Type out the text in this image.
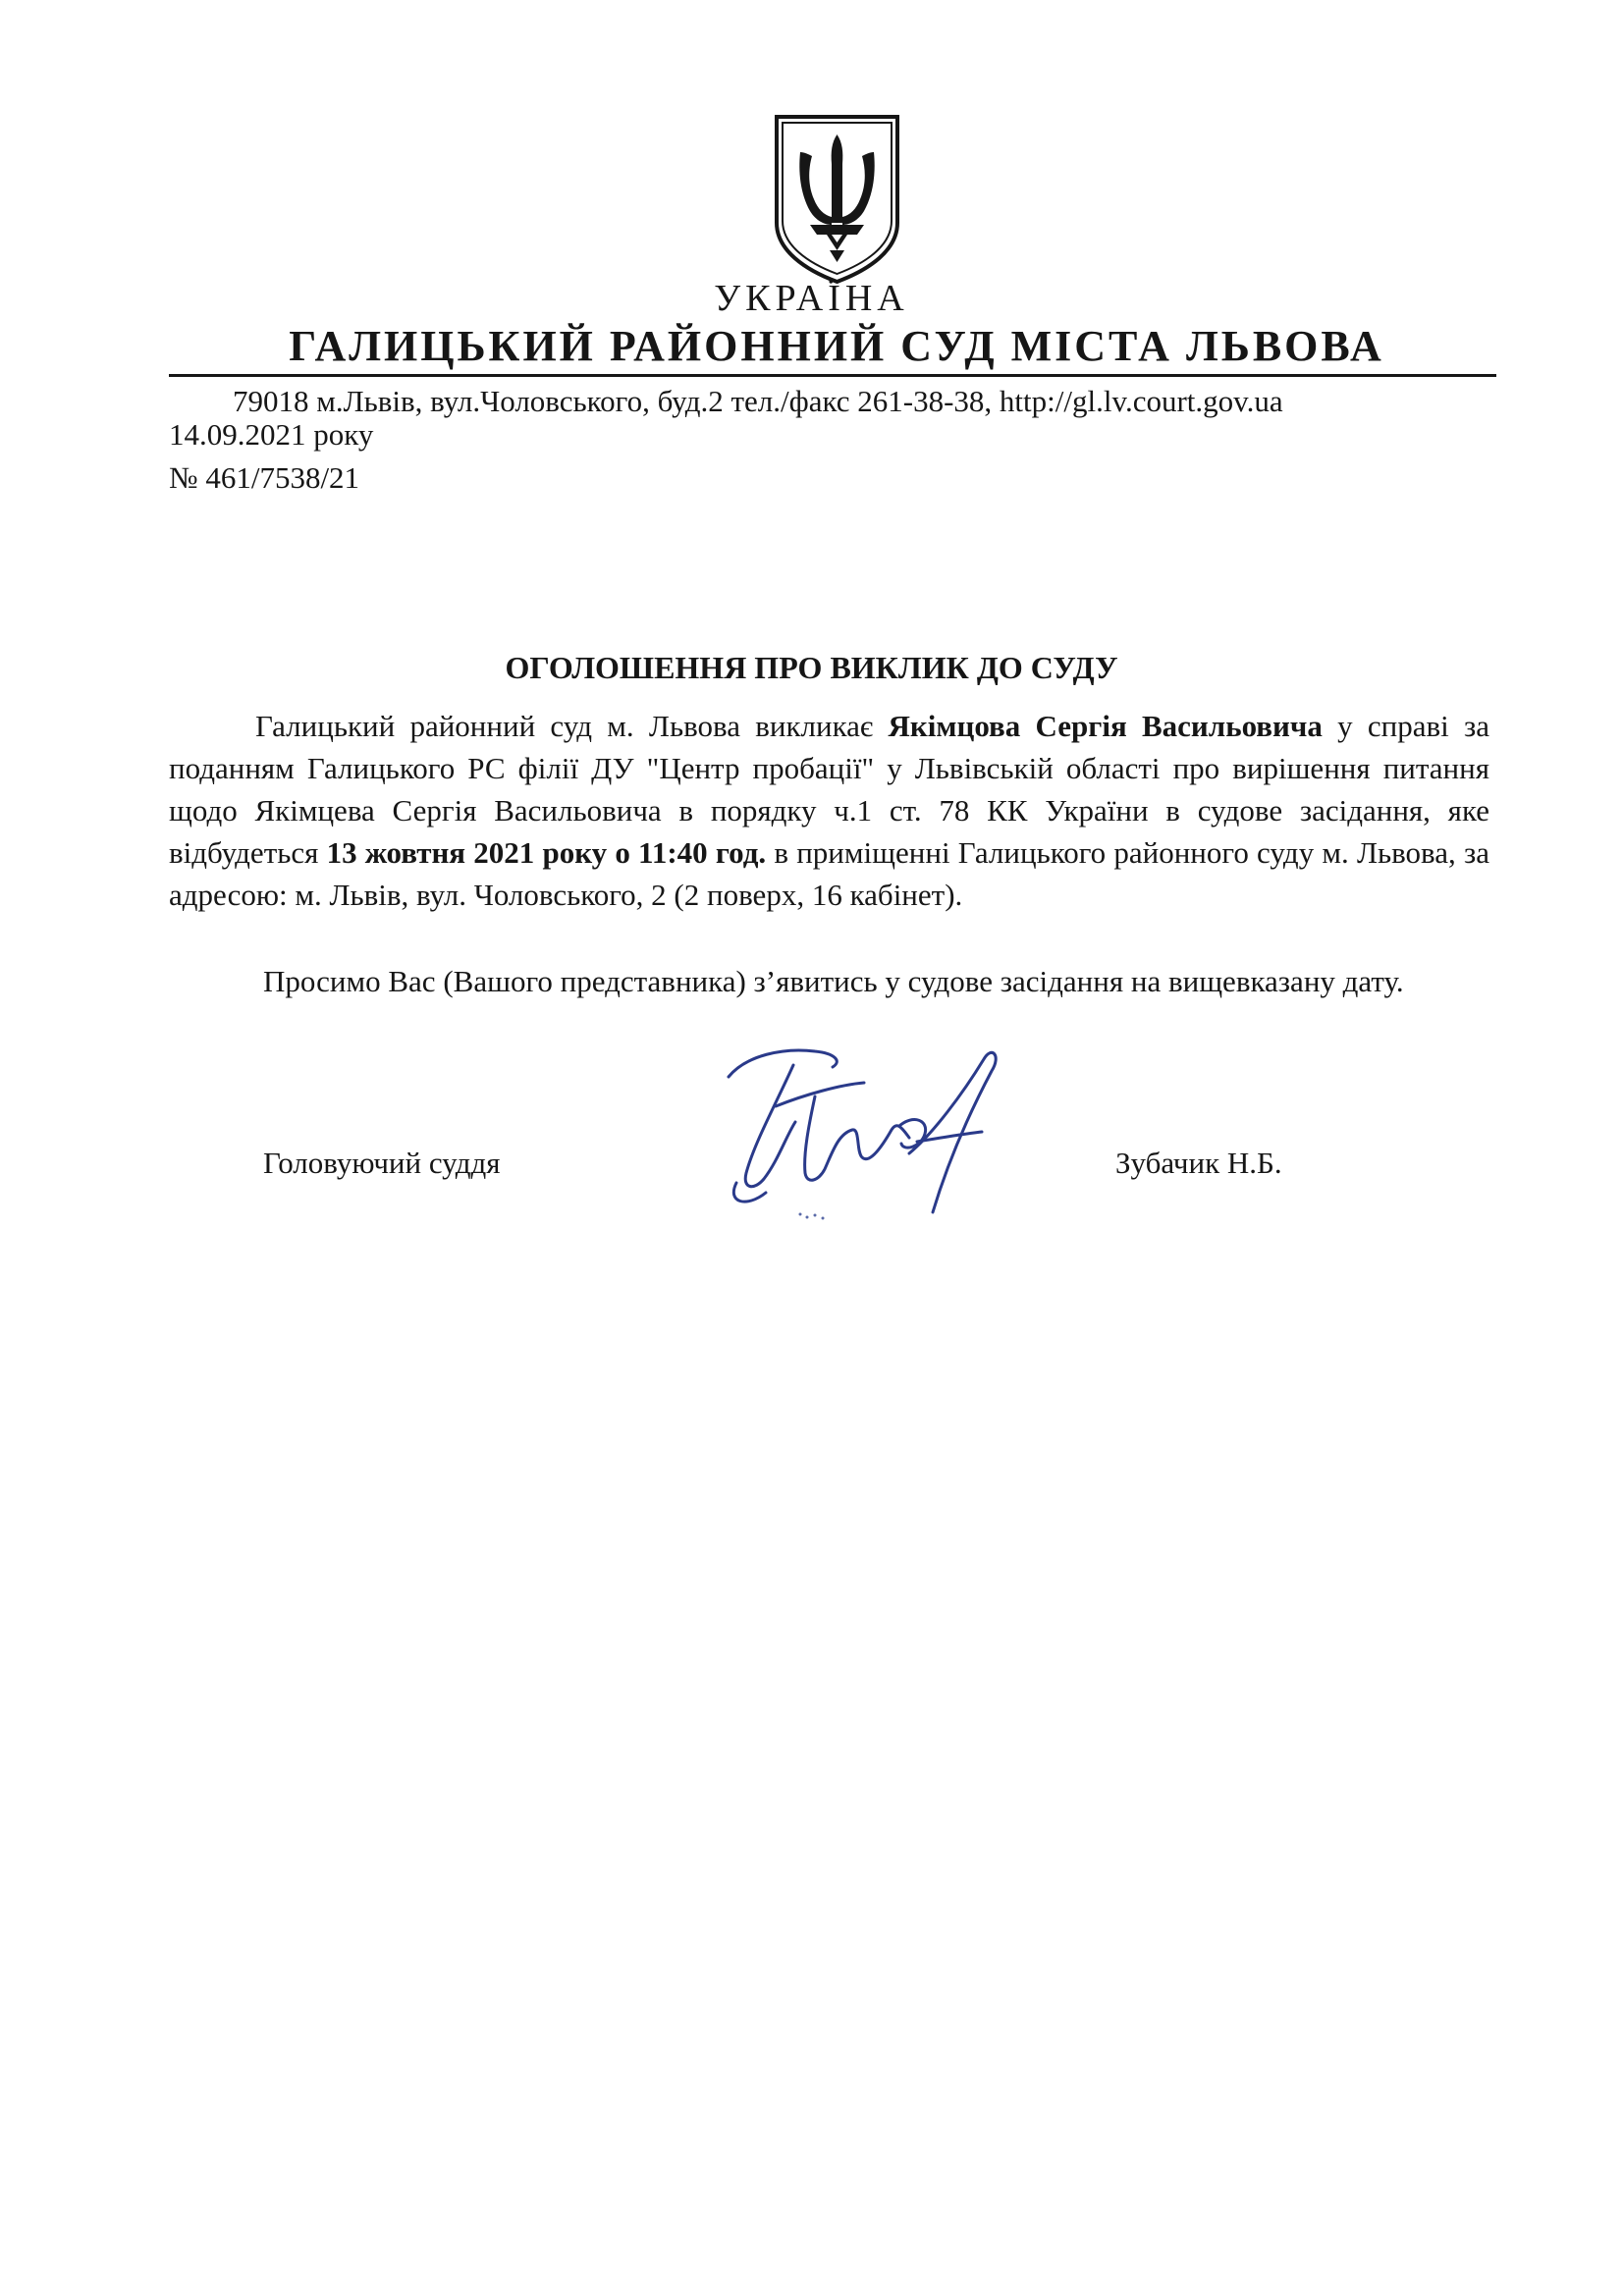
УКРАЇНА
ГАЛИЦЬКИЙ РАЙОННИЙ СУД МІСТА ЛЬВОВА
79018 м.Львів, вул.Чоловського, буд.2 тел./факс 261-38-38, http://gl.lv.court.gov.ua
14.09.2021 року
№ 461/7538/21
ОГОЛОШЕННЯ ПРО ВИКЛИК ДО СУДУ
Галицький районний суд м. Львова викликає Якімцова Сергія Васильовича у справі за поданням Галицького РС філії ДУ "Центр пробації" у Львівській області про вирішення питання щодо Якімцева Сергія Васильовича в порядку ч.1 ст. 78 КК України в судове засідання, яке відбудеться 13 жовтня 2021 року о 11:40 год. в приміщенні Галицького районного суду м. Львова, за адресою: м. Львів, вул. Чоловського, 2 (2 поверх, 16 кабінет).
Просимо Вас (Вашого представника) з’явитись у судове засідання на вищевказану дату.
Головуючий суддя	Зубачик Н.Б.
